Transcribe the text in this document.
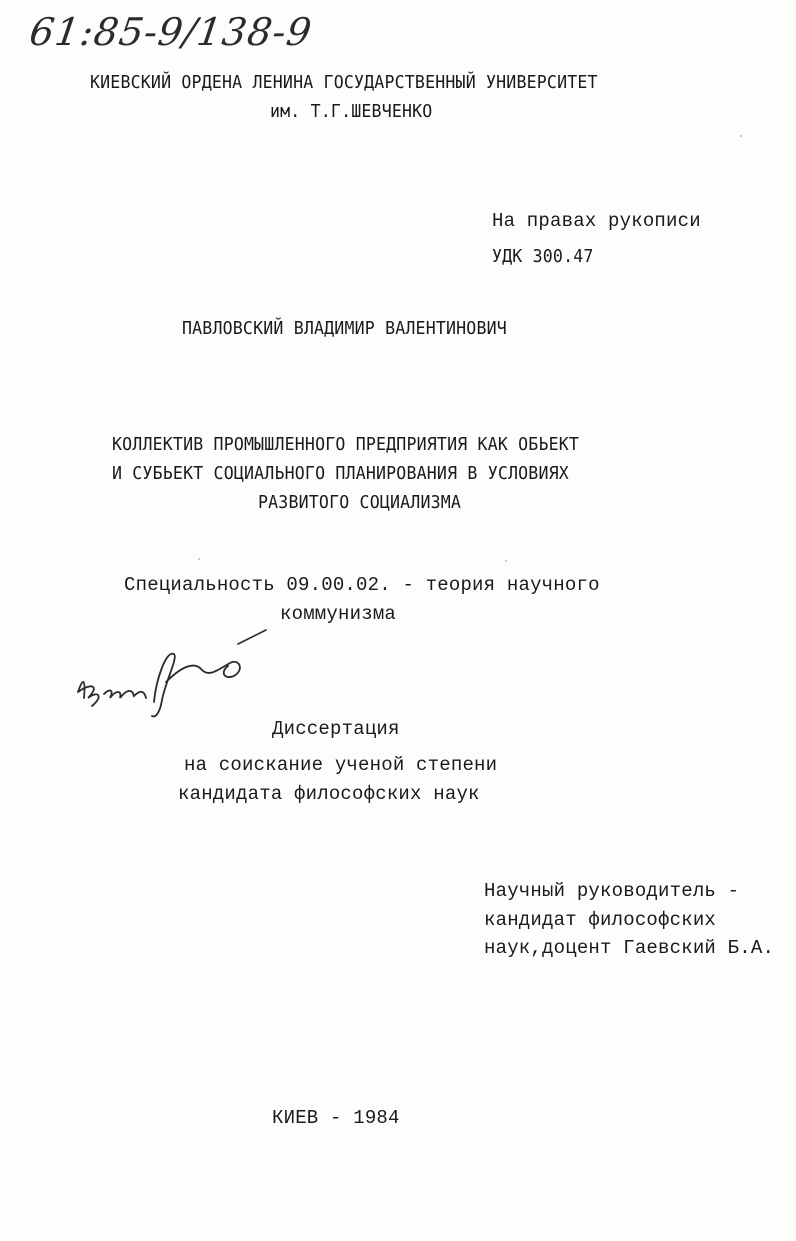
61:85-9/138-9
КИЕВСКИЙ ОРДЕНА ЛЕНИНА ГОСУДАРСТВЕННЫЙ УНИВЕРСИТЕТ
им. Т.Г.ШЕВЧЕНКО
На правах рукописи
УДК 300.47
ПАВЛОВСКИЙ ВЛАДИМИР ВАЛЕНТИНОВИЧ
КОЛЛЕКТИВ ПРОМЫШЛЕННОГО ПРЕДПРИЯТИЯ КАК ОБЬЕКТ
И СУБЬЕКТ СОЦИАЛЬНОГО ПЛАНИРОВАНИЯ В УСЛОВИЯХ
РАЗВИТОГО СОЦИАЛИЗМА
Специальность 09.00.02. - теория научного
коммунизма
Диссертация
на соискание ученой степени
кандидата философских наук
Научный руководитель -
кандидат философских
наук,доцент Гаевский Б.А.
КИЕВ - 1984
